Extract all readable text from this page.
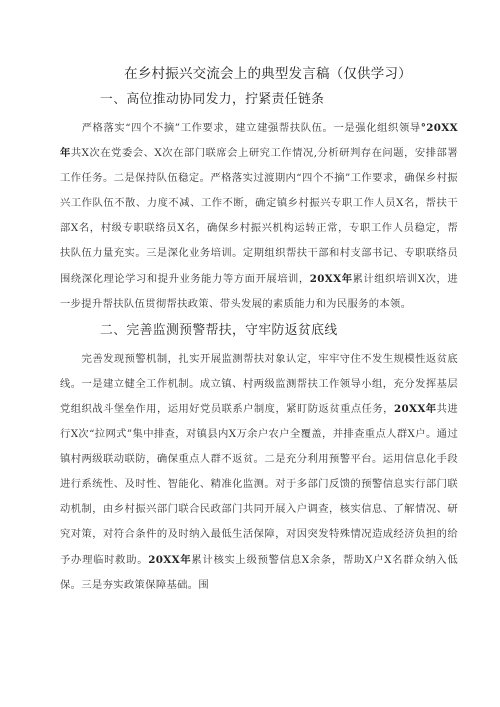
在乡村振兴交流会上的典型发言稿（仅供学习）
一、高位推动协同发力，拧紧责任链条

严格落实“四个不摘”工作要求，建立建强帮扶队伍。一是强化组织领导°20XX年共X次在党委会、X次在部门联席会上研究工作情况,分析研判存在问题，安排部署工作任务。二是保持队伍稳定。严格落实过渡期内“四个不摘”工作要求，确保乡村振兴工作队伍不散、力度不减、工作不断，确定镇乡村振兴专职工作人员X名，帮扶干部X名，村级专职联络员X名，确保乡村振兴机构运转正常，专职工作人员稳定，帮扶队伍力量充实。三是深化业务培训。定期组织帮扶干部和村支部书记、专职联络员围绕深化理论学习和提升业务能力等方面开展培训，20XX年累计组织培训X次，进一步提升帮扶队伍贯彻帮扶政策、带头发展的素质能力和为民服务的本领。

二、完善监测预警帮扶，守牢防返贫底线

完善发现预警机制，扎实开展监测帮扶对象认定，牢牢守住不发生规模性返贫底线。一是建立健全工作机制。成立镇、村两级监测帮扶工作领导小组，充分发挥基层党组织战斗堡垒作用，运用好党员联系户制度，紧盯防返贫重点任务，20XX年共进行X次“拉网式”集中排查，对镇县内X万余户农户全覆盖，并排查重点人群X户。通过镇村两级联动联防，确保重点人群不返贫。二是充分利用预警平台。运用信息化手段进行系统性、及时性、智能化、精准化监测。对于多部门反馈的预警信息实行部门联动机制，由乡村振兴部门联合民政部门共同开展入户调查，核实信息、了解情况、研究对策，对符合条件的及时纳入最低生活保障，对因突发特殊情况造成经济负担的给予办理临时救助。20XX年累计核实上级预警信息X余条，帮助X户X名群众纳入低保。三是夯实政策保障基础。围
